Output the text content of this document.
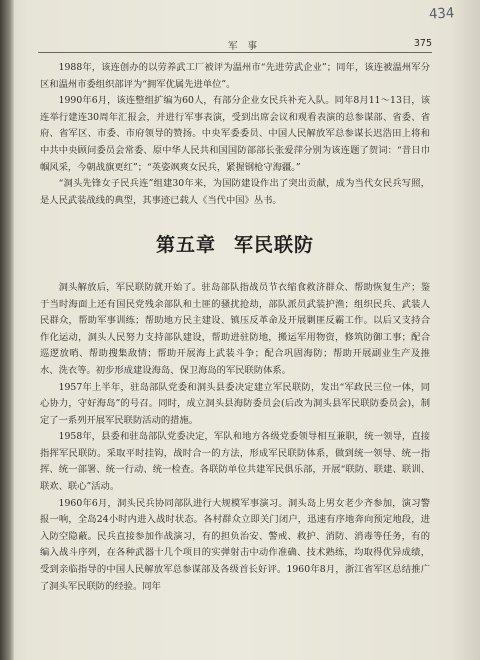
434
军事	375

1988年，该连创办的以劳养武工厂被评为温州市“先进劳武企业”；同年，该连被温州军分区和温州市委组织部评为“拥军优属先进单位”。

1990年6月，该连整组扩编为60人，有部分企业女民兵补充入队。同年8月11～13日，该连举行建连30周年汇报会，并进行军事表演，受到出席会议和观看表演的总参谋部、省委、省府、省军区、市委、市府领导的赞扬。中央军委委员、中国人民解放军总参谋长迟浩田上将和中共中央顾问委员会常委、原中华人民共和国国防部部长张爱萍分别为该连题了贺词：“昔日巾帼风采，今朝战旗更红”；“英姿飒爽女民兵，紧握钢枪守海疆。”

“洞头先锋女子民兵连”组建30年来，为国防建设作出了突出贡献，成为当代女民兵写照，是人民武装战线的典型，其事迹已载人《当代中国》丛书。

第五章 军民联防

洞头解放后，军民联防就开始了。驻岛部队指战员节衣缩食救济群众、帮助恢复生产；鉴于当时海面上还有国民党残余部队和土匪的骚扰抢劫，部队派员武装护渔；组织民兵、武装人民群众，帮助军事训练；帮助地方民主建设、镇压反革命及开展剿匪反霸工作。以后又支持合作化运动，洞头人民努力支持部队建设，帮助进驻防地，搬运军用物资，修筑防御工事；配合巡逻放哨、帮助搜集敌情；帮助开展海上武装斗争；配合巩固海防；帮助开展副业生产及推水、洗衣等。初步形成建设海岛、保卫海岛的军民联防体系。

1957年上半年，驻岛部队党委和洞头县委决定建立军民联防，发出“军政民三位一体，同心协力，守好海岛”的号召。同时，成立洞头县海防委员会(后改为洞头县军民联防委员会)，制定了一系列开展军民联防活动的措施。

1958年，县委和驻岛部队党委决定，军队和地方各级党委领导相互兼职，统一领导，直接指挥军民联防。采取平时挂钩，战时合一的方法，形成军民联防体系，做到统一领导、统一指挥、统一部署、统一行动、统一检查。各联防单位共建军民俱乐部，开展“联防、联建、联训、联欢、联心”活动。

1960年6月，洞头民兵协同部队进行大规模军事演习。洞头岛上男女老少齐参加，演习警报一响，全岛24小时内进入战时状态。各村群众立即关门闭户，迅速有序地奔向预定地段，进入防空隐蔽。民兵直接参加作战演习，有的担负治安、警戒、救护、消防、消毒等任务，有的编入战斗序列，在各种武器十几个项目的实弹射击中动作准确、技术熟练，均取得优异成绩，受到亲临指导的中国人民解放军总参谋部及各级首长好评。1960年8月，浙江省军区总结推广了洞头军民联防的经验。同年
